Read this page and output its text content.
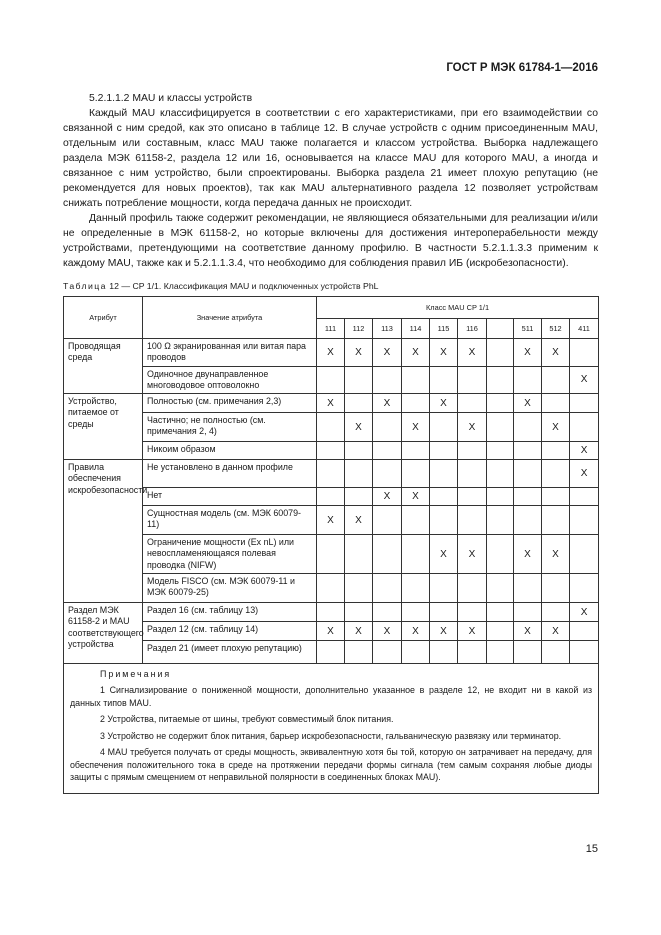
ГОСТ Р МЭК 61784-1—2016

5.2.1.1.2 MAU и классы устройств

Каждый MAU классифицируется в соответствии с его характеристиками, при его взаимодействии со связанной с ним средой, как это описано в таблице 12. В случае устройств с одним присоединенным MAU, отдельным или составным, класс MAU также полагается и классом устройства. Выборка надлежащего раздела МЭК 61158-2, раздела 12 или 16, основывается на классе MAU для которого MAU, а иногда и связанное с ним устройство, были спроектированы. Выборка раздела 21 имеет плохую репутацию (не рекомендуется для новых проектов), так как MAU альтернативного раздела 12 позволяет устройствам снижать потребление мощности, когда передача данных не происходит.

Данный профиль также содержит рекомендации, не являющиеся обязательными для реализации и/или не определенные в МЭК 61158-2, но которые включены для достижения интероперабельности между устройствами, претендующими на соответствие данному профилю. В частности 5.2.1.1.3.3 применим к каждому MAU, также как и 5.2.1.1.3.4, что необходимо для соблюдения правил ИБ (искробезопасности).

Таблица 12 — CP 1/1. Классификация MAU и подключенных устройств PhL
Атрибут	Значение атрибута	Класс MAU CP 1/1									
		111	112	113	114	115	116		511	512	411
Проводящая среда	100 Ω экранированная или витая пара проводов	X	X	X	X	X	X		X	X	
	Одиночное двунаправленное многоводовое оптоволокно										X
Устройство, питаемое от среды	Полностью (см. примечания 2,3)	X		X		X			X		
	Частично; не полностью (см. примечания 2, 4)		X		X		X			X	
	Никоим образом										X
Правила обеспечения искробезопасности	Не установлено в данном профиле										X
	Нет			X	X						
	Сущностная модель (см. МЭК 60079-11)	X	X								
	Ограничение мощности (Ex nL) или невоспламеняющаяся полевая проводка (NIFW)					X	X		X	X	
	Модель FISCO (см. МЭК 60079-11 и МЭК 60079-25)										
Раздел МЭК 61158-2 и MAU соответствующего устройства	Раздел 16 (см. таблицу 13)										X
	Раздел 12 (см. таблицу 14)	X	X	X	X	X	X		X	X	
	Раздел 21 (имеет плохую репутацию)										

Примечания

1 Сигнализирование о пониженной мощности, дополнительно указанное в разделе 12, не входит ни в какой из данных типов MAU.

2 Устройства, питаемые от шины, требуют совместимый блок питания.

3 Устройство не содержит блок питания, барьер искробезопасности, гальваническую развязку или терминатор.

4 MAU требуется получать от среды мощность, эквивалентную хотя бы той, которую он затрачивает на передачу, для обеспечения положительного тока в среде на протяжении передачи формы сигнала (тем самым сохраняя любые диоды защиты с прямым смещением от неправильной полярности в соединенных блоках MAU).											

15
